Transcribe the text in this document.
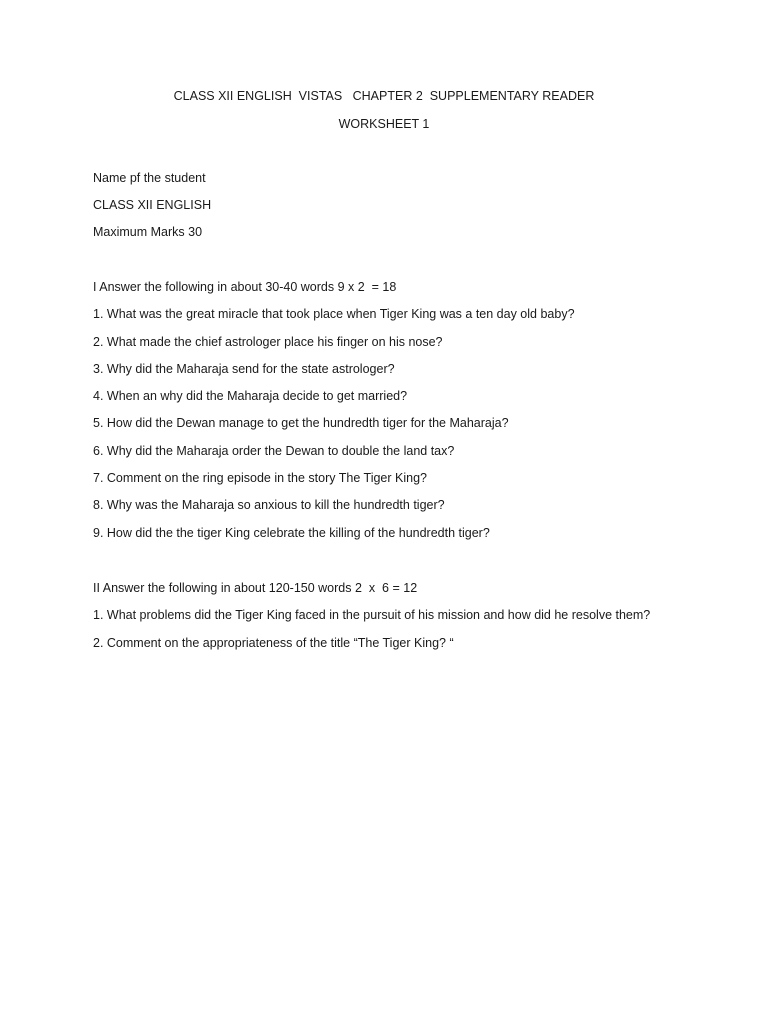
CLASS XII ENGLISH  VISTAS   CHAPTER 2  SUPPLEMENTARY READER
WORKSHEET 1
Name pf the student
CLASS XII ENGLISH
Maximum Marks 30
I Answer the following in about 30-40 words 9 x 2  = 18
1. What was the great miracle that took place when Tiger King was a ten day old baby?
2. What made the chief astrologer place his finger on his nose?
3. Why did the Maharaja send for the state astrologer?
4. When an why did the Maharaja decide to get married?
5. How did the Dewan manage to get the hundredth tiger for the Maharaja?
6. Why did the Maharaja order the Dewan to double the land tax?
7. Comment on the ring episode in the story The Tiger King?
8. Why was the Maharaja so anxious to kill the hundredth tiger?
9. How did the the tiger King celebrate the killing of the hundredth tiger?
II Answer the following in about 120-150 words 2  x  6 = 12
1. What problems did the Tiger King faced in the pursuit of his mission and how did he resolve them?
2. Comment on the appropriateness of the title “The Tiger King? “
